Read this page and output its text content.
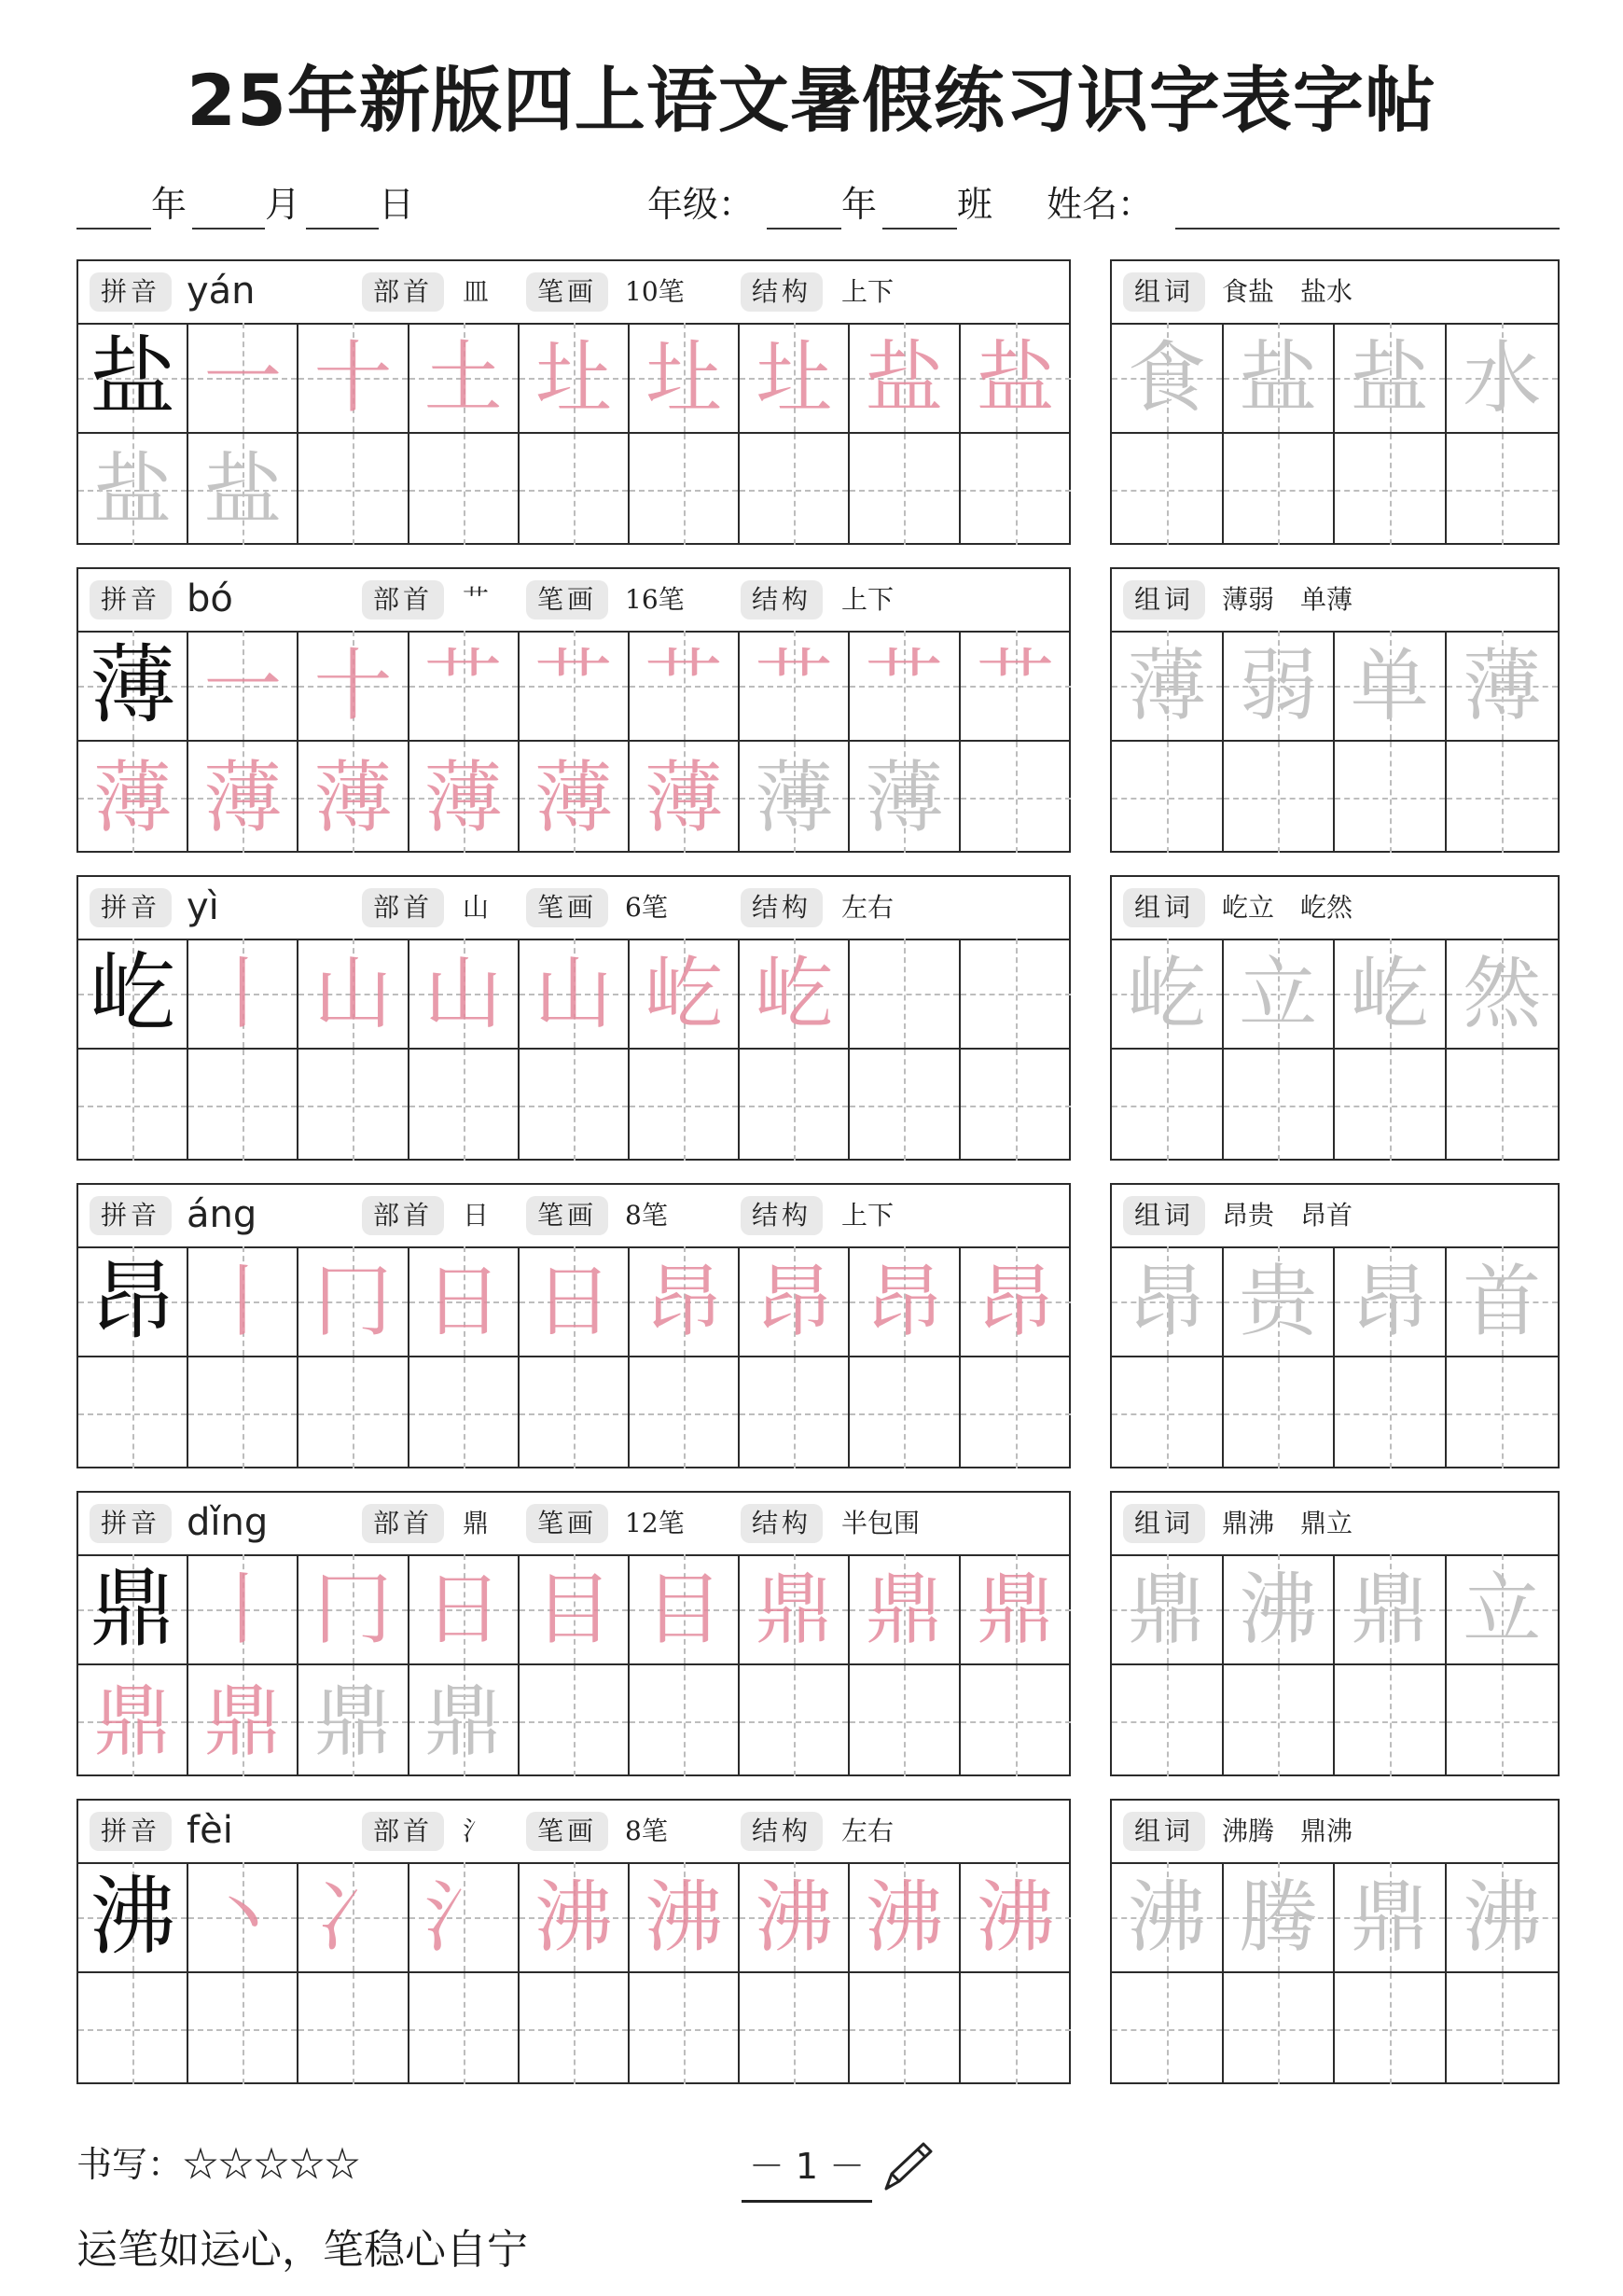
25年新版四上语文暑假练习识字表字帖
年 月 日	年级： 年 班 姓名：
拼音 yán	部首	皿	笔画	10笔	结构	上下
盐 一 十 土 圵 圵 圵 盐 盐
盐 盐
组词	食盐　盐水
食 盐 盐 水
拼音 bó	部首	艹	笔画	16笔	结构	上下
薄 一 十 艹 艹 艹 艹 艹 艹
薄 薄 薄 薄 薄 薄 薄 薄
组词	薄弱　单薄
薄 弱 单 薄
拼音 yì	部首	山	笔画	6笔	结构	左右
屹 丨 山 山 山 屹 屹
组词	屹立　屹然
屹 立 屹 然
拼音 áng	部首	日	笔画	8笔	结构	上下
昂 丨 冂 日 日 昂 昂 昂 昂
组词	昂贵　昂首
昂 贵 昂 首
拼音 dǐng	部首	鼎	笔画	12笔	结构	半包围
鼎 丨 冂 日 目 目 鼎 鼎 鼎
鼎 鼎 鼎 鼎
组词	鼎沸　鼎立
鼎 沸 鼎 立
拼音 fèi	部首	氵	笔画	8笔	结构	左右
沸 丶 冫 氵 沸 沸 沸 沸 沸
组词	沸腾　鼎沸
沸 腾 鼎 沸
书写：☆☆☆☆☆	－ 1 －
运笔如运心，笔稳心自宁
